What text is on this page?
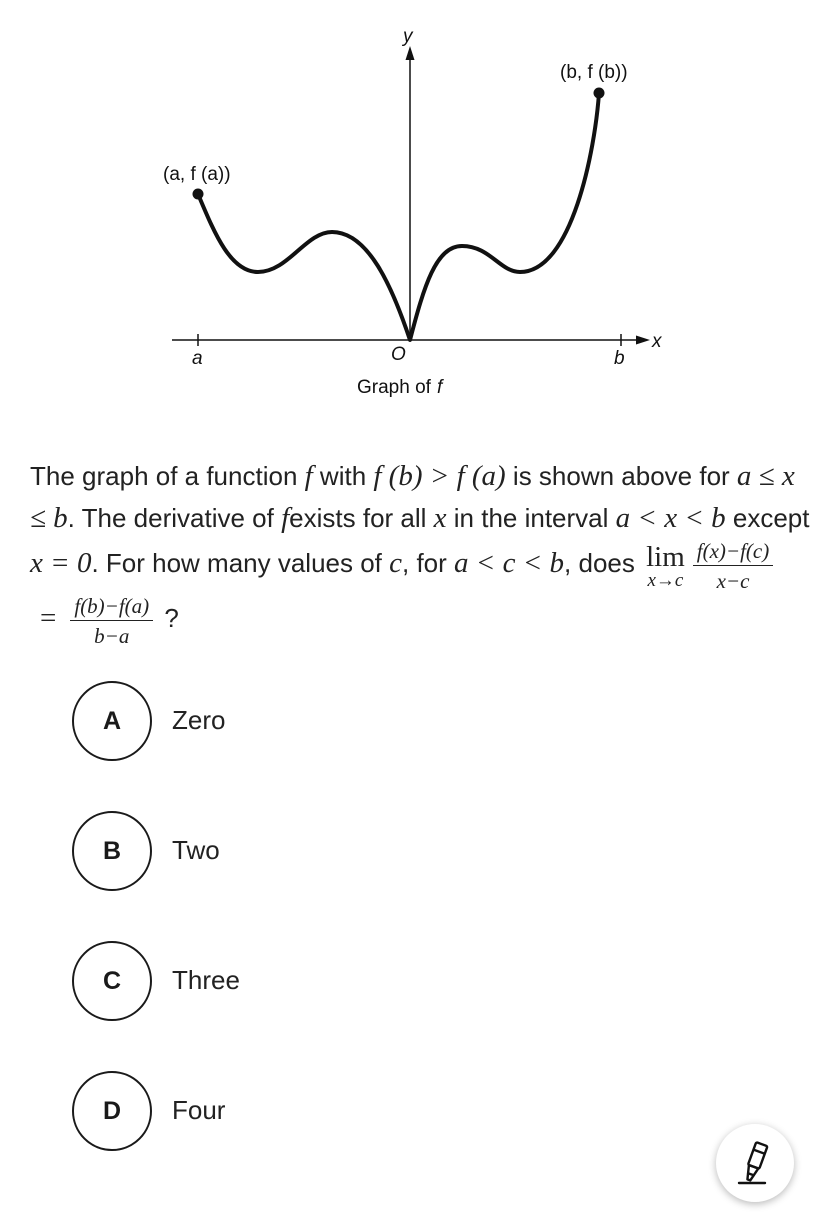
y
x
O
a	b
(a, f (a))
(b, f (b))
Graph of f
The graph of a function f with f (b) > f (a) is shown above for a ≤ x ≤ b. The derivative of fexists for all x in the interval a < x < b except x = 0. For how many values of c, for a < c < b, does lim
$x\to c \frac{f(x)-f(c)}{x-c}$
= $\frac{f(b)-f(a)}{b-a}$ ?
A	Zero
B	Two
C	Three
D	Four
